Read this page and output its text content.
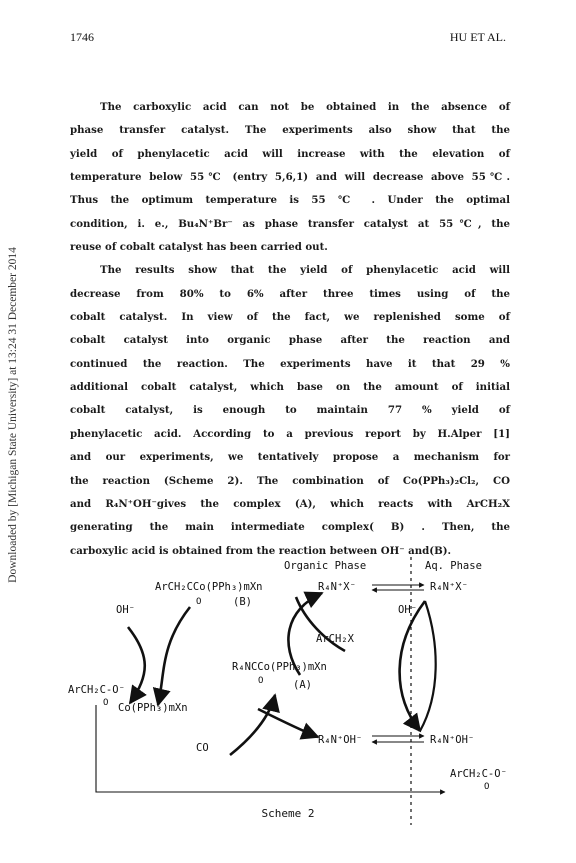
Downloaded by [Michigan State University] at 13:24 31 December 2014
1746	HU ET AL.
The carboxylic acid can not be obtained in the absence of
phase transfer catalyst. The experiments also show that the
yield of phenylacetic acid will increase with the elevation of
temperature below 55℃ (entry 5,6,1) and will decrease above 55℃.
Thus the optimum temperature is 55 ℃ . Under the optimal
condition, i. e., Bu₄N⁺Br⁻ as phase transfer catalyst at 55℃, the
reuse of cobalt catalyst has been carried out.
The results show that the yield of phenylacetic acid will
decrease from 80% to 6% after three times using of the
cobalt catalyst. In view of the fact, we replenished some of
cobalt catalyst into organic phase after the reaction and
continued the reaction. The experiments have it that 29 %
additional cobalt catalyst, which base on the amount of initial
cobalt catalyst, is enough to maintain 77 % yield of
phenylacetic acid. According to a previous report by H.Alper [1]
and our experiments, we tentatively propose a mechanism for
the reaction (Scheme 2). The combination of Co(PPh₃)₂Cl₂, CO
and R₄N⁺OH⁻gives the complex (A), which reacts with ArCH₂X
generating the main intermediate complex( B) . Then, the
carboxylic acid is obtained from the reaction between OH⁻ and(B).
Organic Phase	Aq. Phase
ArCH₂CCo(PPh₃)mXn
O	(B)
R₄N⁺X⁻	R₄N⁺X⁻
OH⁻	OH⁻
ArCH₂X
R₄NCCo(PPh₃)mXn
O	(A)
ArCH₂C-O⁻
O Co(PPh₃)mXn
CO
R₄N⁺OH⁻	R₄N⁺OH⁻
ArCH₂C-O⁻
O
Scheme 2
